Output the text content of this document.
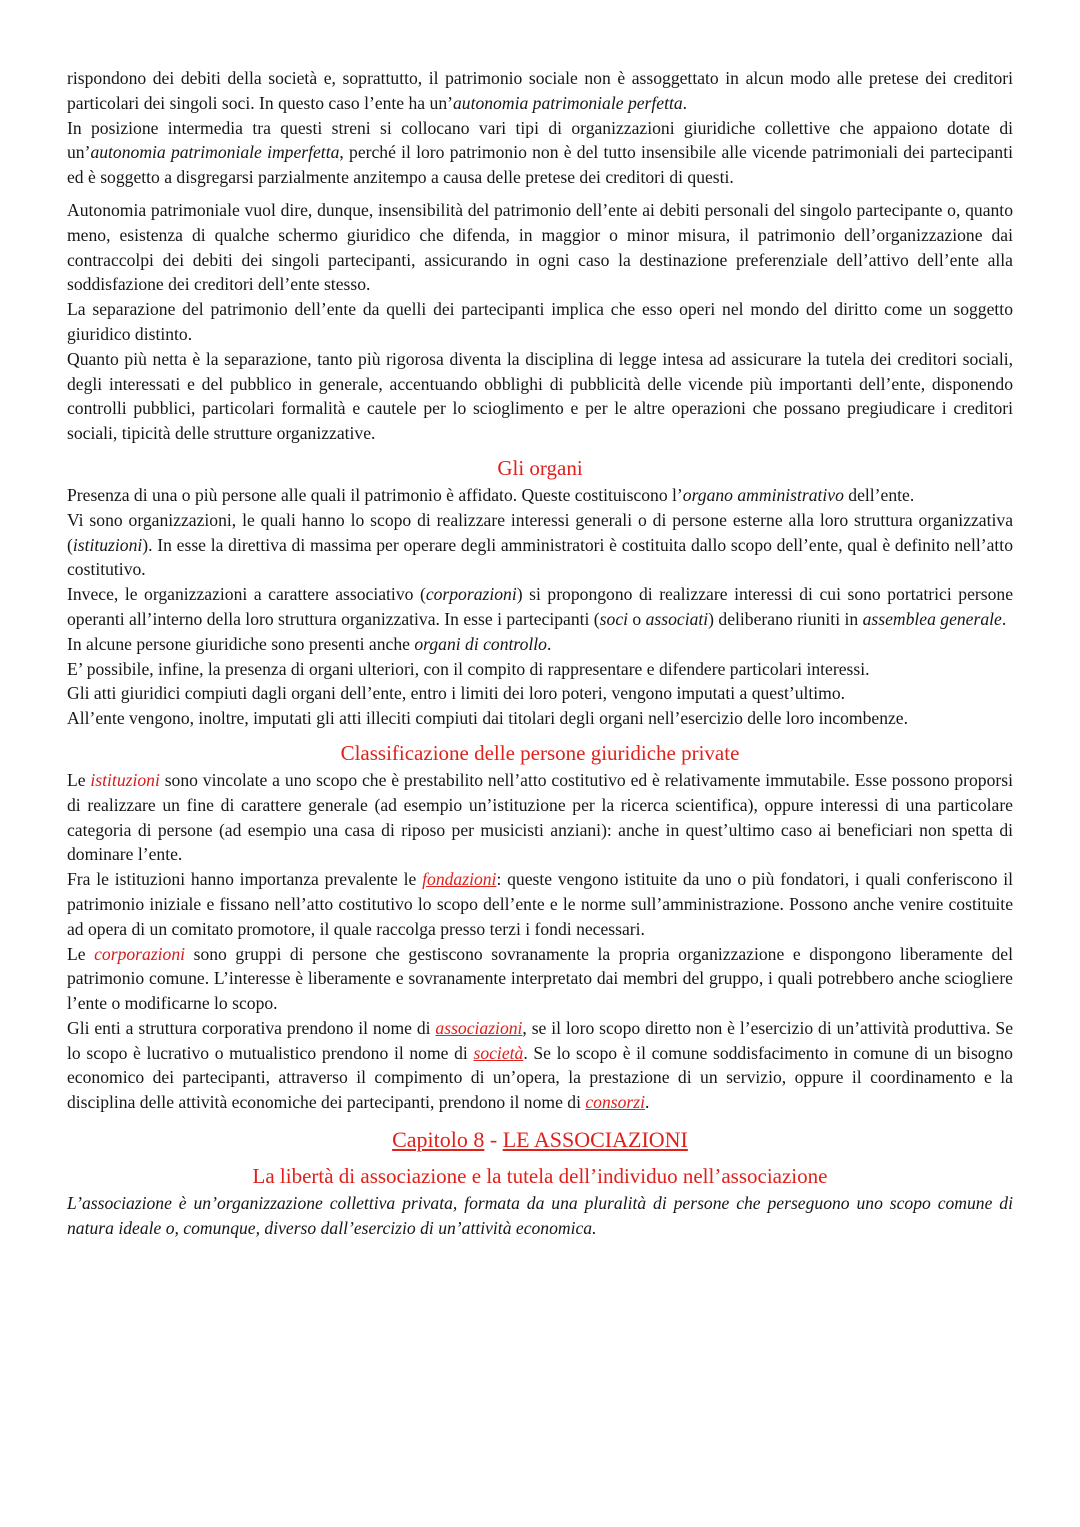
rispondono dei debiti della società e, soprattutto, il patrimonio sociale non è assoggettato in alcun modo alle pretese dei creditori particolari dei singoli soci. In questo caso l’ente ha un’autonomia patrimoniale perfetta.

In posizione intermedia tra questi streni si collocano vari tipi di organizzazioni giuridiche collettive che appaiono dotate di un’autonomia patrimoniale imperfetta, perché il loro patrimonio non è del tutto insensibile alle vicende patrimoniali dei partecipanti ed è soggetto a disgregarsi parzialmente anzitempo a causa delle pretese dei creditori di questi.

Autonomia patrimoniale vuol dire, dunque, insensibilità del patrimonio dell’ente ai debiti personali del singolo partecipante o, quanto meno, esistenza di qualche schermo giuridico che difenda, in maggior o minor misura, il patrimonio dell’organizzazione dai contraccolpi dei debiti dei singoli partecipanti, assicurando in ogni caso la destinazione preferenziale dell’attivo dell’ente alla soddisfazione dei creditori dell’ente stesso.

La separazione del patrimonio dell’ente da quelli dei partecipanti implica che esso operi nel mondo del diritto come un soggetto giuridico distinto.

Quanto più netta è la separazione, tanto più rigorosa diventa la disciplina di legge intesa ad assicurare la tutela dei creditori sociali, degli interessati e del pubblico in generale, accentuando obblighi di pubblicità delle vicende più importanti dell’ente, disponendo controlli pubblici, particolari formalità e cautele per lo scioglimento e per le altre operazioni che possano pregiudicare i creditori sociali, tipicità delle strutture organizzative.

Gli organi

Presenza di una o più persone alle quali il patrimonio è affidato. Queste costituiscono l’organo amministrativo dell’ente.

Vi sono organizzazioni, le quali hanno lo scopo di realizzare interessi generali o di persone esterne alla loro struttura organizzativa (istituzioni). In esse la direttiva di massima per operare degli amministratori è costituita dallo scopo dell’ente, qual è definito nell’atto costitutivo.

Invece, le organizzazioni a carattere associativo (corporazioni) si propongono di realizzare interessi di cui sono portatrici persone operanti all’interno della loro struttura organizzativa. In esse i partecipanti (soci o associati) deliberano riuniti in assemblea generale.

In alcune persone giuridiche sono presenti anche organi di controllo.

E’ possibile, infine, la presenza di organi ulteriori, con il compito di rappresentare e difendere particolari interessi.

Gli atti giuridici compiuti dagli organi dell’ente, entro i limiti dei loro poteri, vengono imputati a quest’ultimo.

All’ente vengono, inoltre, imputati gli atti illeciti compiuti dai titolari degli organi nell’esercizio delle loro incombenze.

Classificazione delle persone giuridiche private

Le istituzioni sono vincolate a uno scopo che è prestabilito nell’atto costitutivo ed è relativamente immutabile. Esse possono proporsi di realizzare un fine di carattere generale (ad esempio un’istituzione per la ricerca scientifica), oppure interessi di una particolare categoria di persone (ad esempio una casa di riposo per musicisti anziani): anche in quest’ultimo caso ai beneficiari non spetta di dominare l’ente.

Fra le istituzioni hanno importanza prevalente le fondazioni: queste vengono istituite da uno o più fondatori, i quali conferiscono il patrimonio iniziale e fissano nell’atto costitutivo lo scopo dell’ente e le norme sull’amministrazione. Possono anche venire costituite ad opera di un comitato promotore, il quale raccolga presso terzi i fondi necessari.

Le corporazioni sono gruppi di persone che gestiscono sovranamente la propria organizzazione e dispongono liberamente del patrimonio comune. L’interesse è liberamente e sovranamente interpretato dai membri del gruppo, i quali potrebbero anche sciogliere l’ente o modificarne lo scopo.

Gli enti a struttura corporativa prendono il nome di associazioni, se il loro scopo diretto non è l’esercizio di un’attività produttiva. Se lo scopo è lucrativo o mutualistico prendono il nome di società. Se lo scopo è il comune soddisfacimento in comune di un bisogno economico dei partecipanti, attraverso il compimento di un’opera, la prestazione di un servizio, oppure il coordinamento e la disciplina delle attività economiche dei partecipanti, prendono il nome di consorzi.

Capitolo 8 - LE ASSOCIAZIONI
La libertà di associazione e la tutela dell’individuo nell’associazione

L’associazione è un’organizzazione collettiva privata, formata da una pluralità di persone che perseguono uno scopo comune di natura ideale o, comunque, diverso dall’esercizio di un’attività economica.
